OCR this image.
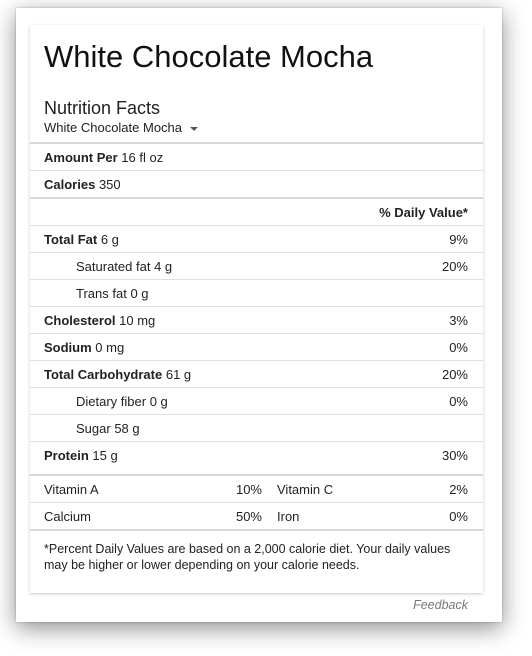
White Chocolate Mocha
Nutrition Facts
White Chocolate Mocha
Amount Per 16 fl oz	
Calories 350	
	% Daily Value*
Total Fat 6 g	9%
Saturated fat 4 g	20%
Trans fat 0 g	
Cholesterol 10 mg	3%
Sodium 0 mg	0%
Total Carbohydrate 61 g	20%
Dietary fiber 0 g	0%
Sugar 58 g	
Protein 15 g	30%
Vitamin A	10%	Vitamin C	2%
Calcium	50%	Iron	0%
*Percent Daily Values are based on a 2,000 calorie diet. Your daily values may be higher or lower depending on your calorie needs.
Feedback
